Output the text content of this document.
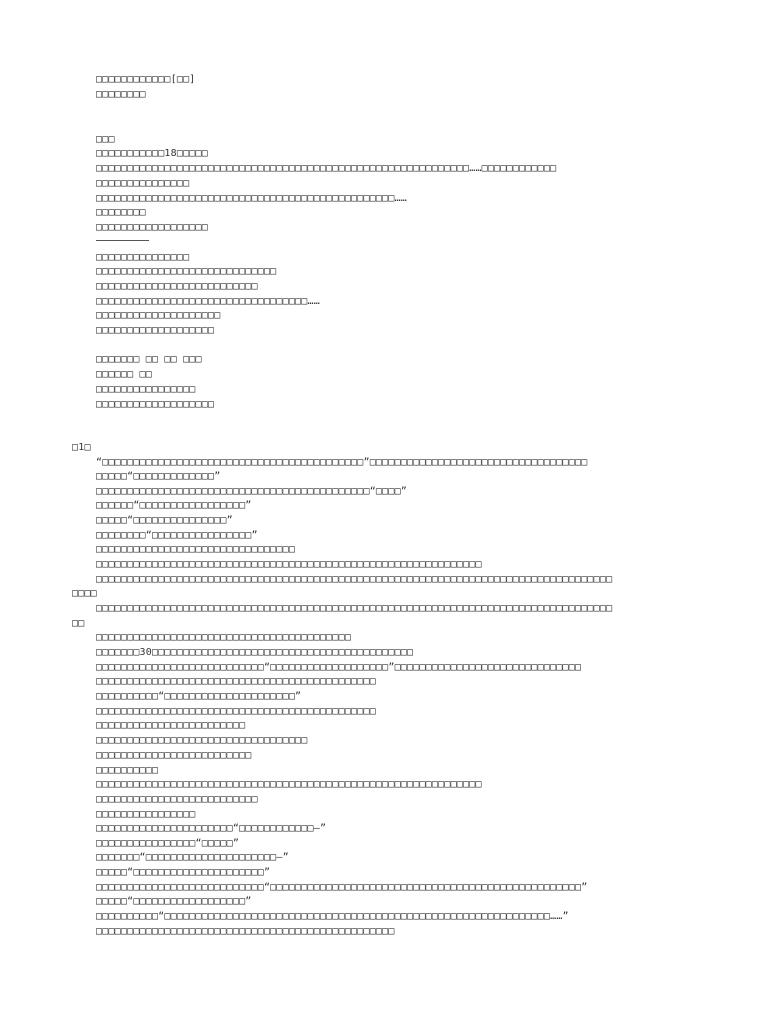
□□□□□□□□□□□□[□□]
□□□□□□□□
□□□
□□□□□□□□□□□18□□□□□
□□□□□□□□□□□□□□□□□□□□□□□□□□□□□□□□□□□□□□□□□□□□□□□□□□□□□□□□□□□□……□□□□□□□□□□□□
□□□□□□□□□□□□□□□
□□□□□□□□□□□□□□□□□□□□□□□□□□□□□□□□□□□□□□□□□□□□□□□□……
□□□□□□□□
□□□□□□□□□□□□□□□□□□
□□□□□□□□□□□□□□□
□□□□□□□□□□□□□□□□□□□□□□□□□□□□□
□□□□□□□□□□□□□□□□□□□□□□□□□□
□□□□□□□□□□□□□□□□□□□□□□□□□□□□□□□□□□……
□□□□□□□□□□□□□□□□□□□□
□□□□□□□□□□□□□□□□□□□
□□□□□□□ □□ □□ □□□
□□□□□□ □□
□□□□□□□□□□□□□□□□
□□□□□□□□□□□□□□□□□□□
□1□
“□□□□□□□□□□□□□□□□□□□□□□□□□□□□□□□□□□□□□□□□□□”□□□□□□□□□□□□□□□□□□□□□□□□□□□□□□□□□□□
□□□□□“□□□□□□□□□□□□□”
□□□□□□□□□□□□□□□□□□□□□□□□□□□□□□□□□□□□□□□□□□□□“□□□□”
□□□□□□“□□□□□□□□□□□□□□□□□”
□□□□□“□□□□□□□□□□□□□□□”
□□□□□□□□“□□□□□□□□□□□□□□□□”
□□□□□□□□□□□□□□□□□□□□□□□□□□□□□□□□
□□□□□□□□□□□□□□□□□□□□□□□□□□□□□□□□□□□□□□□□□□□□□□□□□□□□□□□□□□□□□□
□□□□□□□□□□□□□□□□□□□□□□□□□□□□□□□□□□□□□□□□□□□□□□□□□□□□□□□□□□□□□□□□□□□□□□□□□□□□□□□□□□□
□□□□
□□□□□□□□□□□□□□□□□□□□□□□□□□□□□□□□□□□□□□□□□□□□□□□□□□□□□□□□□□□□□□□□□□□□□□□□□□□□□□□□□□□
□□
□□□□□□□□□□□□□□□□□□□□□□□□□□□□□□□□□□□□□□□□□
□□□□□□□30□□□□□□□□□□□□□□□□□□□□□□□□□□□□□□□□□□□□□□□□□□
□□□□□□□□□□□□□□□□□□□□□□□□□□□“□□□□□□□□□□□□□□□□□□□”□□□□□□□□□□□□□□□□□□□□□□□□□□□□□□
□□□□□□□□□□□□□□□□□□□□□□□□□□□□□□□□□□□□□□□□□□□□□
□□□□□□□□□□“□□□□□□□□□□□□□□□□□□□□□”
□□□□□□□□□□□□□□□□□□□□□□□□□□□□□□□□□□□□□□□□□□□□□
□□□□□□□□□□□□□□□□□□□□□□□□
□□□□□□□□□□□□□□□□□□□□□□□□□□□□□□□□□□
□□□□□□□□□□□□□□□□□□□□□□□□□
□□□□□□□□□□
□□□□□□□□□□□□□□□□□□□□□□□□□□□□□□□□□□□□□□□□□□□□□□□□□□□□□□□□□□□□□□
□□□□□□□□□□□□□□□□□□□□□□□□□□
□□□□□□□□□□□□□□□□
□□□□□□□□□□□□□□□□□□□□□□“□□□□□□□□□□□□—”
□□□□□□□□□□□□□□□□“□□□□□”
□□□□□□□“□□□□□□□□□□□□□□□□□□□□□—”
□□□□□“□□□□□□□□□□□□□□□□□□□□□”
□□□□□□□□□□□□□□□□□□□□□□□□□□□“□□□□□□□□□□□□□□□□□□□□□□□□□□□□□□□□□□□□□□□□□□□□□□□□□□”
□□□□□“□□□□□□□□□□□□□□□□□□”
□□□□□□□□□□“□□□□□□□□□□□□□□□□□□□□□□□□□□□□□□□□□□□□□□□□□□□□□□□□□□□□□□□□□□□□□□……”
□□□□□□□□□□□□□□□□□□□□□□□□□□□□□□□□□□□□□□□□□□□□□□□□
